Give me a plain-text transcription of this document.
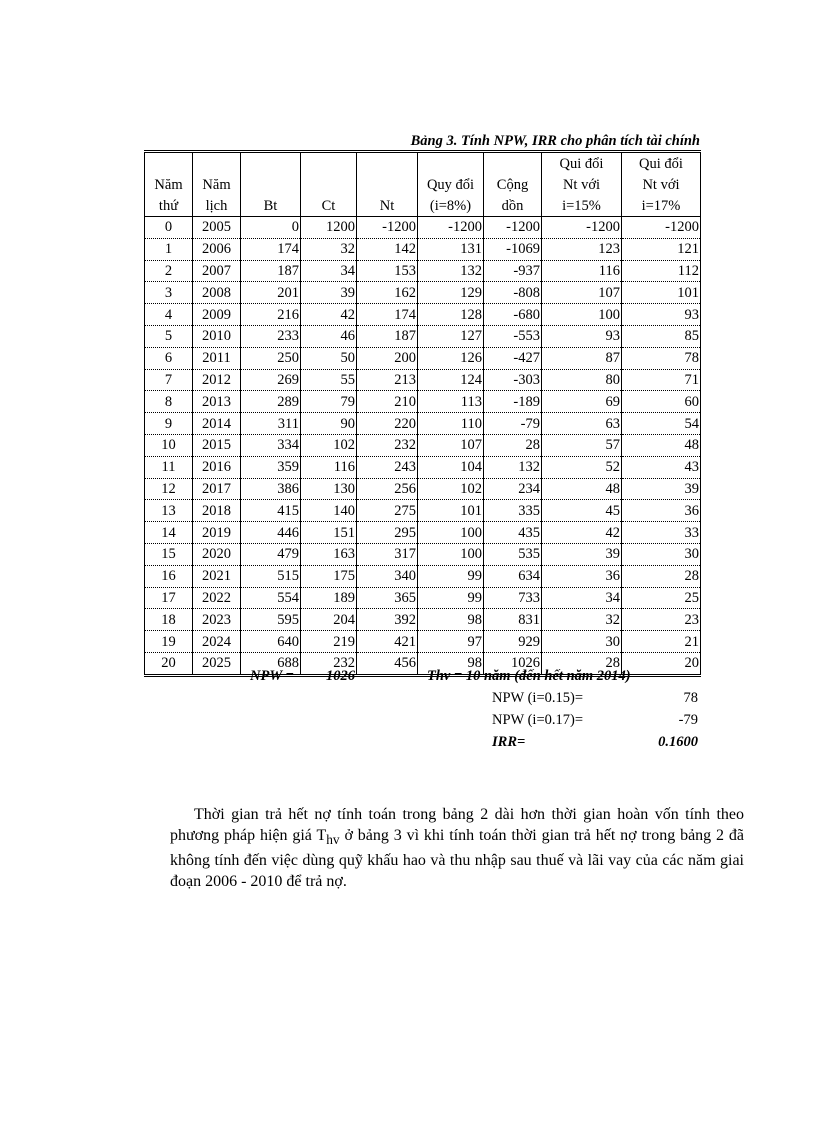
Bảng 3. Tính NPW, IRR cho phân tích tài chính
							Qui đổi	Qui đổi
Năm	Năm				Quy đổi	Cộng	Nt với	Nt với
thứ	lịch	Bt	Ct	Nt	(i=8%)	dồn	i=15%	i=17%
0	2005	0	1200	-1200	-1200	-1200	-1200	-1200
1	2006	174	32	142	131	-1069	123	121
2	2007	187	34	153	132	-937	116	112
3	2008	201	39	162	129	-808	107	101
4	2009	216	42	174	128	-680	100	93
5	2010	233	46	187	127	-553	93	85
6	2011	250	50	200	126	-427	87	78
7	2012	269	55	213	124	-303	80	71
8	2013	289	79	210	113	-189	69	60
9	2014	311	90	220	110	-79	63	54
10	2015	334	102	232	107	28	57	48
11	2016	359	116	243	104	132	52	43
12	2017	386	130	256	102	234	48	39
13	2018	415	140	275	101	335	45	36
14	2019	446	151	295	100	435	42	33
15	2020	479	163	317	100	535	39	30
16	2021	515	175	340	99	634	36	28
17	2022	554	189	365	99	733	34	25
18	2023	595	204	392	98	831	32	23
19	2024	640	219	421	97	929	30	21
20	2025	688	232	456	98	1026	28	20
NPW = 1026	Thv = 10 năm (đến hết năm 2014)
NPW (i=0.15)=	78
NPW (i=0.17)=	-79
IRR=	0.1600

Thời gian trả hết nợ tính toán trong bảng 2 dài hơn thời gian hoàn vốn tính theo phương pháp hiện giá $T_{hv}$ ở bảng 3 vì khi tính toán thời gian trả hết nợ trong bảng 2 đã không tính đến việc dùng quỹ khấu hao và thu nhập sau thuế và lãi vay của các năm giai đoạn 2006 - 2010 để trả nợ.
